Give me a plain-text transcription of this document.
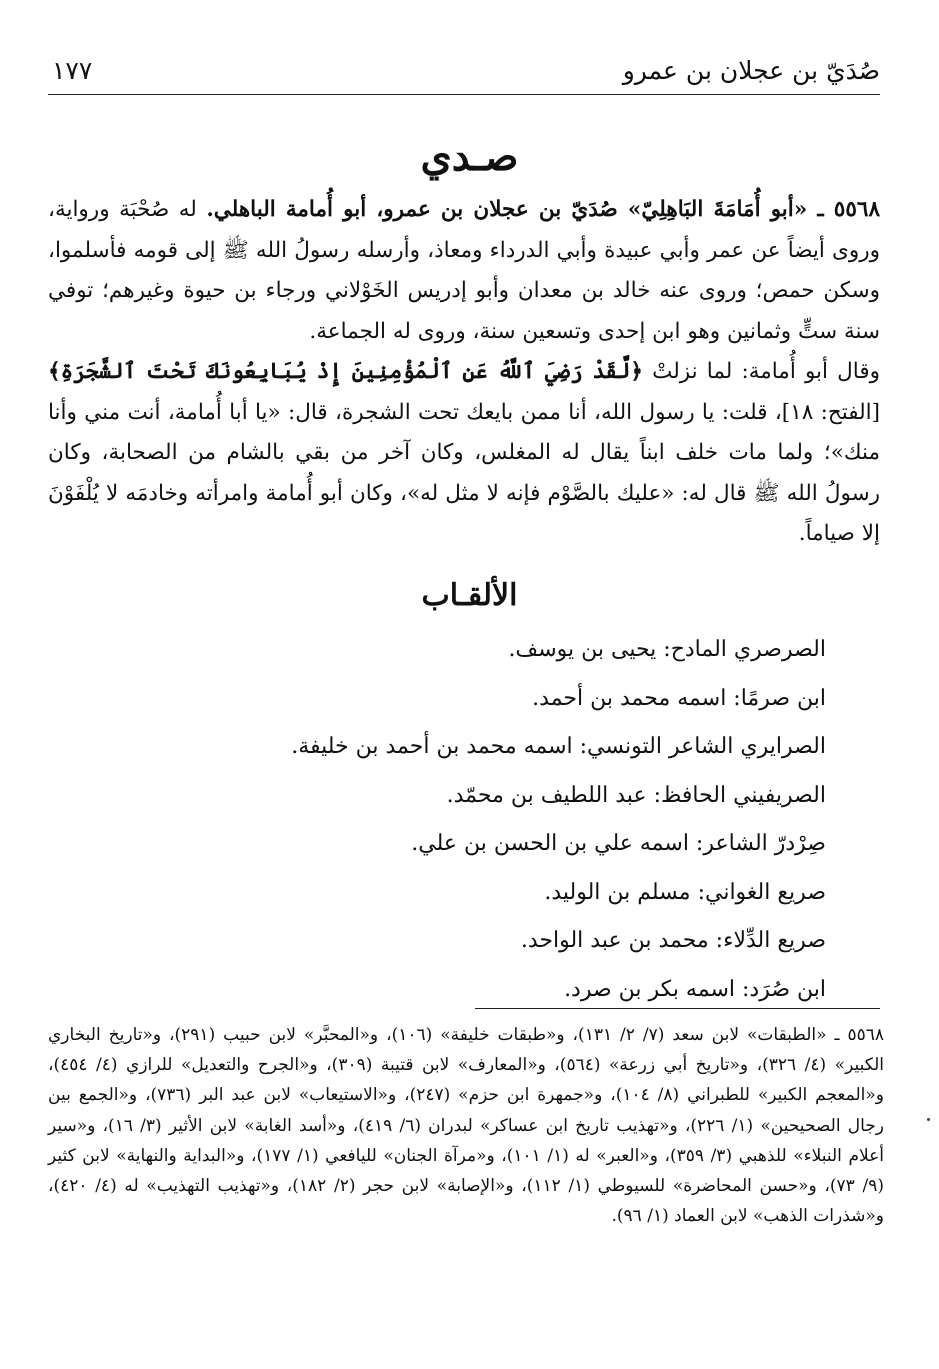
صُدَيّ بن عجلان بن عمرو
١٧٧
صـدي

٥٥٦٨ ـ «أبو أُمَامَةَ البَاهِلِيّ» صُدَيّ بن عجلان بن عمرو، أبو أُمامة الباهلي. له صُحْبَة ورواية، وروى أيضاً عن عمر وأبي عبيدة وأبي الدرداء ومعاذ، وأرسله رسولُ الله ﷺ إلى قومه فأسلموا، وسكن حمص؛ وروى عنه خالد بن معدان وأبو إدريس الخَوْلاني ورجاء بن حيوة وغيرهم؛ توفي سنة ستٍّ وثمانين وهو ابن إحدى وتسعين سنة، وروى له الجماعة.

وقال أبو أُمامة: لما نزلتْ ﴿لَّقَدْ رَضِيَ ٱللَّهُ عَنِ ٱلْمُؤْمِنِينَ إِذْ يُبَايِعُونَكَ تَحْتَ ٱلشَّجَرَةِ﴾ [الفتح: ١٨]، قلت: يا رسول الله، أنا ممن بايعك تحت الشجرة، قال: «يا أبا أُمامة، أنت مني وأنا منك»؛ ولما مات خلف ابناً يقال له المغلس، وكان آخر من بقي بالشام من الصحابة، وكان رسولُ الله ﷺ قال له: «عليك بالصَّوْم فإنه لا مثل له»، وكان أبو أُمامة وامرأته وخادمَه لا يُلْفَوْنَ إلا صياماً.

الألقـاب
الصرصري المادح: يحيى بن يوسف.
ابن صرمًا: اسمه محمد بن أحمد.
الصرايري الشاعر التونسي: اسمه محمد بن أحمد بن خليفة.
الصريفيني الحافظ: عبد اللطيف بن محمّد.
صِرْدرّ الشاعر: اسمه علي بن الحسن بن علي.
صريع الغواني: مسلم بن الوليد.
صريع الدِّلاء: محمد بن عبد الواحد.
ابن صُرَد: اسمه بكر بن صرد.

٥٥٦٨ ـ «الطبقات» لابن سعد (٧/ ٢/ ١٣١)، و«طبقات خليفة» (١٠٦)، و«المحبَّر» لابن حبيب (٢٩١)، و«تاريخ البخاري الكبير» (٤/ ٣٢٦)، و«تاريخ أبي زرعة» (٥٦٤)، و«المعارف» لابن قتيبة (٣٠٩)، و«الجرح والتعديل» للرازي (٤/ ٤٥٤)، و«المعجم الكبير» للطبراني (٨/ ١٠٤)، و«جمهرة ابن حزم» (٢٤٧)، و«الاستيعاب» لابن عبد البر (٧٣٦)، و«الجمع بين رجال الصحيحين» (١/ ٢٢٦)، و«تهذيب تاريخ ابن عساكر» لبدران (٦/ ٤١٩)، و«أسد الغابة» لابن الأثير (٣/ ١٦)، و«سير أعلام النبلاء» للذهبي (٣/ ٣٥٩)، و«العبر» له (١/ ١٠١)، و«مرآة الجنان» لليافعي (١/ ١٧٧)، و«البداية والنهاية» لابن كثير (٩/ ٧٣)، و«حسن المحاضرة» للسيوطي (١/ ١١٢)، و«الإصابة» لابن حجر (٢/ ١٨٢)، و«تهذيب التهذيب» له (٤/ ٤٢٠)، و«شذرات الذهب» لابن العماد (١/ ٩٦).
